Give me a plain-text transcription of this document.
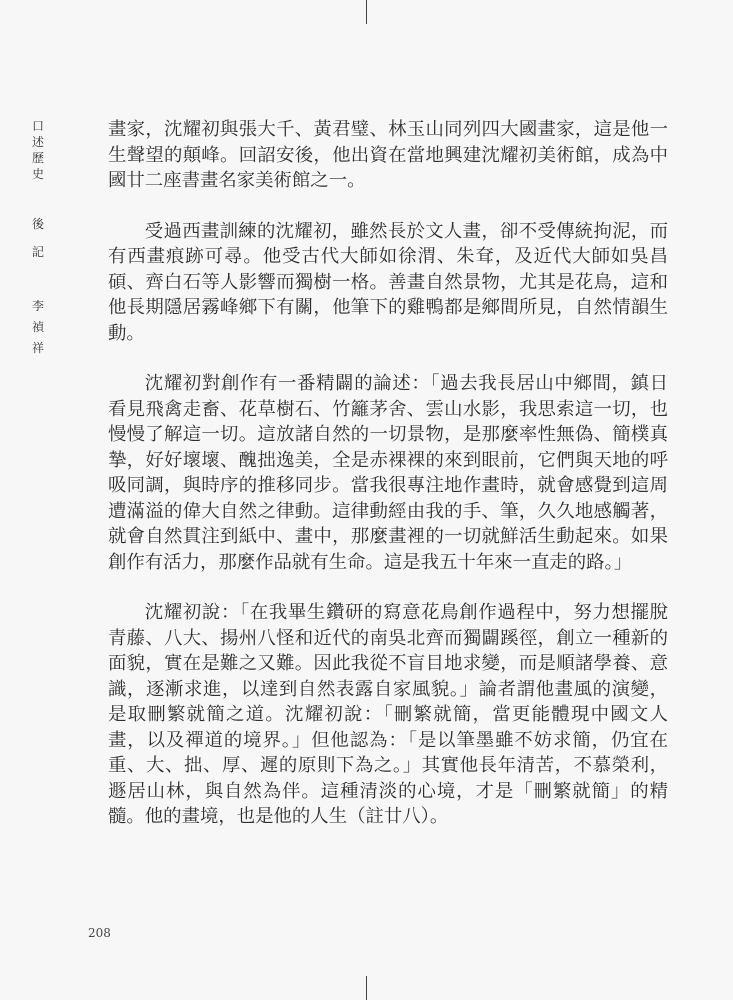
口述歷史
後記
李禎祥

畫家，沈耀初與張大千、黃君璧、林玉山同列四大國畫家，這是他一生聲望的顛峰。回詔安後，他出資在當地興建沈耀初美術館，成為中國廿二座書畫名家美術館之一。

受過西畫訓練的沈耀初，雖然長於文人畫，卻不受傳統拘泥，而有西畫痕跡可尋。他受古代大師如徐渭、朱耷，及近代大師如吳昌碩、齊白石等人影響而獨樹一格。善畫自然景物，尤其是花鳥，這和他長期隱居霧峰鄉下有關，他筆下的雞鴨都是鄉間所見，自然情韻生動。

沈耀初對創作有一番精闢的論述：「過去我長居山中鄉間，鎮日看見飛禽走畜、花草樹石、竹籬茅舍、雲山水影，我思索這一切，也慢慢了解這一切。這放諸自然的一切景物，是那麼率性無偽、簡樸真摯，好好壞壞、醜拙逸美，全是赤裸裸的來到眼前，它們與天地的呼吸同調，與時序的推移同步。當我很專注地作畫時，就會感覺到這周遭滿溢的偉大自然之律動。這律動經由我的手、筆，久久地感觸著，就會自然貫注到紙中、畫中，那麼畫裡的一切就鮮活生動起來。如果創作有活力，那麼作品就有生命。這是我五十年來一直走的路。」

沈耀初說：「在我畢生鑽研的寫意花鳥創作過程中，努力想擺脫青藤、八大、揚州八怪和近代的南吳北齊而獨闢蹊徑，創立一種新的面貌，實在是難之又難。因此我從不盲目地求變，而是順諸學養、意識，逐漸求進，以達到自然表露自家風貌。」論者謂他畫風的演變，是取刪繁就簡之道。沈耀初說：「刪繁就簡，當更能體現中國文人畫，以及禪道的境界。」但他認為：「是以筆墨雖不妨求簡，仍宜在重、大、拙、厚、遲的原則下為之。」其實他長年清苦，不慕榮利，遯居山林，與自然為伴。這種清淡的心境，才是「刪繁就簡」的精髓。他的畫境，也是他的人生（註廿八）。

208
